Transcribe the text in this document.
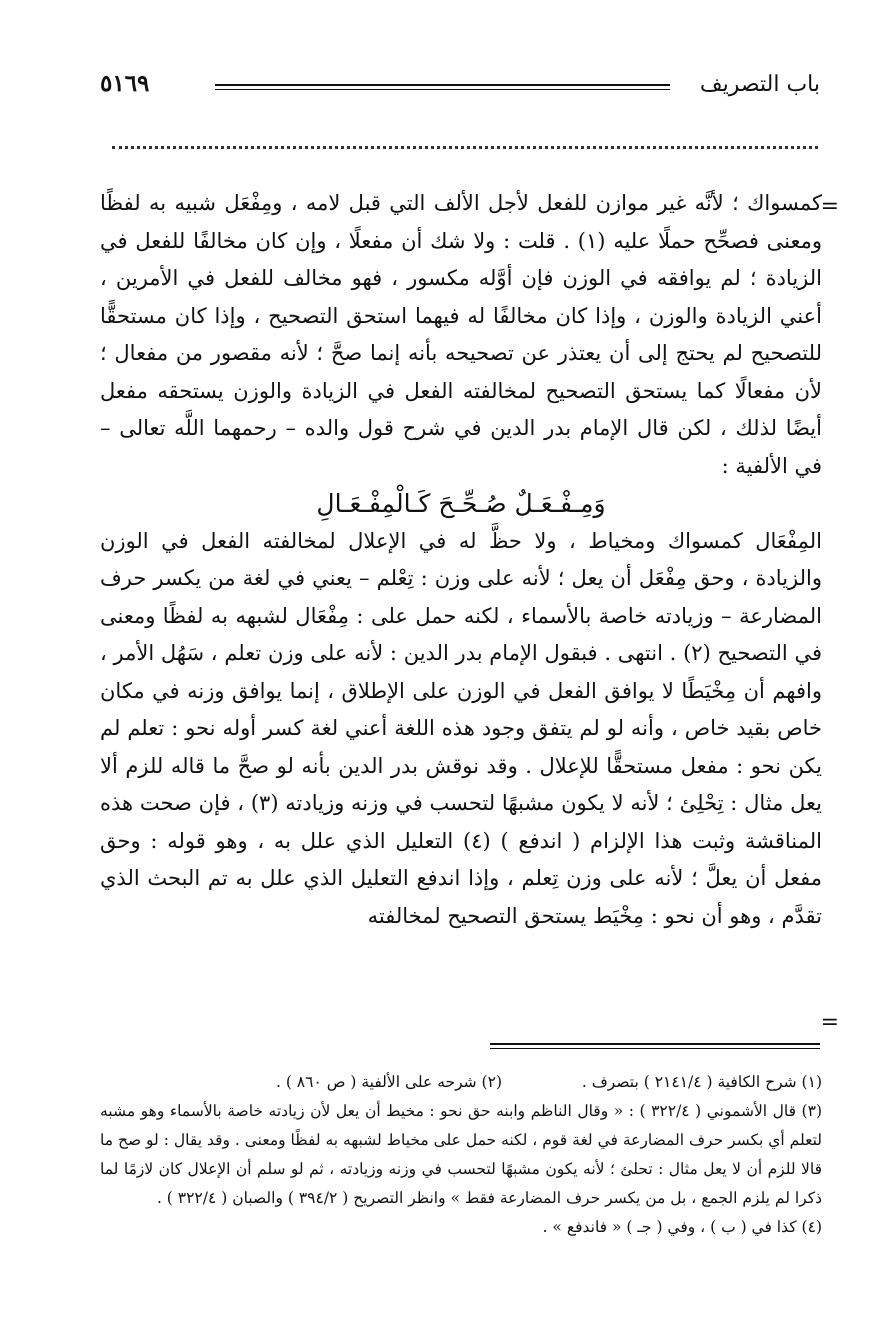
باب التصريف
٥١٦٩
=
=

كمسواك ؛ لأنَّه غير موازن للفعل لأجل الألف التي قبل لامه ، ومِفْعَل شبيه به لفظًا ومعنى فصحِّح حملًا عليه (١) . قلت : ولا شك أن مفعلًا ، وإن كان مخالفًا للفعل في الزيادة ؛ لم يوافقه في الوزن فإن أوَّله مكسور ، فهو مخالف للفعل في الأمرين ، أعني الزيادة والوزن ، وإذا كان مخالفًا له فيهما استحق التصحيح ، وإذا كان مستحقًّا للتصحيح لم يحتج إلى أن يعتذر عن تصحيحه بأنه إنما صحَّ ؛ لأنه مقصور من مفعال ؛ لأن مفعالًا كما يستحق التصحيح لمخالفته الفعل في الزيادة والوزن يستحقه مفعل أيضًا لذلك ، لكن قال الإمام بدر الدين في شرح قول والده – رحمهما اللَّه تعالى – في الألفية :

وَمِـفْـعَـلٌ صُـحِّـحَ كَـالْمِفْـعَـالِ

المِفْعَال كمسواك ومخياط ، ولا حظَّ له في الإعلال لمخالفته الفعل في الوزن والزيادة ، وحق مِفْعَل أن يعل ؛ لأنه على وزن : تِعْلم – يعني في لغة من يكسر حرف المضارعة – وزيادته خاصة بالأسماء ، لكنه حمل على : مِفْعَال لشبهه به لفظًا ومعنى في التصحيح (٢) . انتهى . فبقول الإمام بدر الدين : لأنه على وزن تعلم ، سَهُل الأمر ، وافهم أن مِخْيَطًا لا يوافق الفعل في الوزن على الإطلاق ، إنما يوافق وزنه في مكان خاص بقيد خاص ، وأنه لو لم يتفق وجود هذه اللغة أعني لغة كسر أوله نحو : تعلم لم يكن نحو : مفعل مستحقًّا للإعلال . وقد نوقش بدر الدين بأنه لو صحَّ ما قاله للزم ألا يعل مثال : تِحْلِئ ؛ لأنه لا يكون مشبهًا لتحسب في وزنه وزيادته (٣) ، فإن صحت هذه المناقشة وثبت هذا الإلزام ( اندفع ) (٤) التعليل الذي علل به ، وهو قوله : وحق مفعل أن يعلَّ ؛ لأنه على وزن تِعلم ، وإذا اندفع التعليل الذي علل به تم البحث الذي تقدَّم ، وهو أن نحو : مِخْيَط يستحق التصحيح لمخالفته

(١) شرح الكافية ( ٢١٤١/٤ ) بتصرف .
(٢) شرحه على الألفية ( ص ٨٦٠ ) .

(٣) قال الأشموني ( ٣٢٢/٤ ) : « وقال الناظم وابنه حق نحو : مخيط أن يعل لأن زيادته خاصة بالأسماء وهو مشبه لتعلم أي بكسر حرف المضارعة في لغة قوم ، لكنه حمل على مخياط لشبهه به لفظًا ومعنى . وقد يقال : لو صح ما قالا للزم أن لا يعل مثال : تحلئ ؛ لأنه يكون مشبهًا لتحسب في وزنه وزيادته ، ثم لو سلم أن الإعلال كان لازمًا لما ذكرا لم يلزم الجمع ، بل من يكسر حرف المضارعة فقط » وانظر التصريح ( ٣٩٤/٢ ) والصبان ( ٣٢٢/٤ ) .

(٤) كذا في ( ب ) ، وفي ( جـ ) « فاندفع » .
